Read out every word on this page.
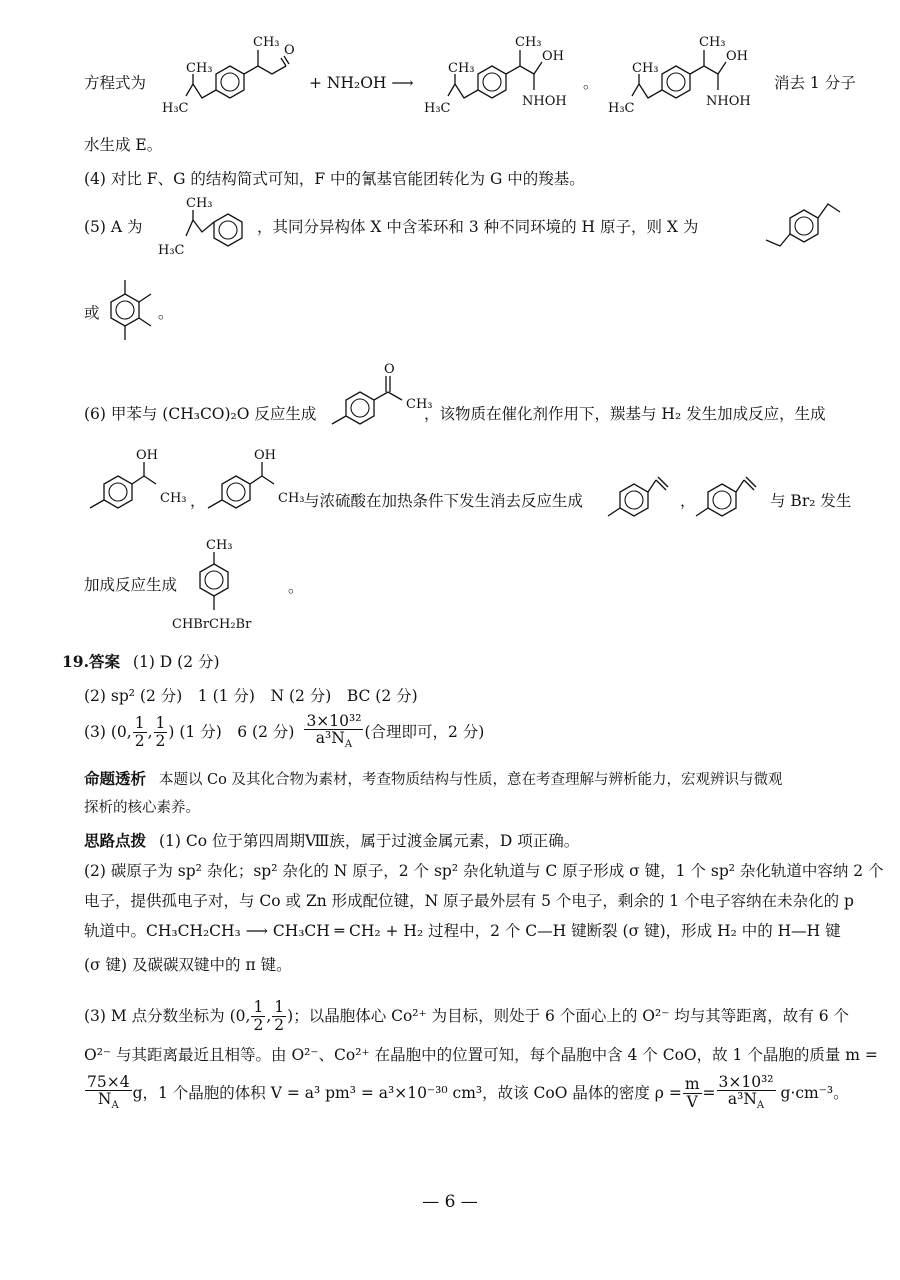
方程式为
CH₃
O
CH₃
H₃C
+ NH₂OH ⟶
CH₃
OH
NHOH
CH₃
H₃C
。
CH₃
OH
NHOH
CH₃
H₃C
消去 1 分子
水生成 E。
(4) 对比 F、G 的结构简式可知，F 中的氰基官能团转化为 G 中的羧基。
(5) A 为
CH₃
H₃C
，其同分异构体 X 中含苯环和 3 种不同环境的 H 原子，则 X 为
或	。
(6) 甲苯与 (CH₃CO)₂O 反应生成
O
CH₃
，该物质在催化剂作用下，羰基与 H₂ 发生加成反应，生成
OH
CH₃ ，
OH
CH₃ 与浓硫酸在加热条件下发生消去反应生成	，	与 Br₂ 发生
加成反应生成
CH₃
CHBrCH₂Br
。
19.答案 (1) D (2 分)
(2) sp² (2 分)　1 (1 分)　N (2 分)　BC (2 分)
(3) (0, $\frac{1}{2}$ , $\frac{1}{2}$ ) (1 分)　6 (2 分) $\frac{\text{3×10³²}}{a^3N_A}$ (合理即可，2 分)
命题透析 本题以 Co 及其化合物为素材，考查物质结构与性质，意在考查理解与辨析能力，宏观辨识与微观
探析的核心素养。
思路点拨 (1) Co 位于第四周期Ⅷ族，属于过渡金属元素，D 项正确。
(2) 碳原子为 sp² 杂化；sp² 杂化的 N 原子，2 个 sp² 杂化轨道与 C 原子形成 σ 键，1 个 sp² 杂化轨道中容纳 2 个
电子，提供孤电子对，与 Co 或 Zn 形成配位键，N 原子最外层有 5 个电子，剩余的 1 个电子容纳在未杂化的 p
轨道中。CH₃CH₂CH₃ ⟶ CH₃CH ═ CH₂ + H₂ 过程中，2 个 C—H 键断裂 (σ 键)，形成 H₂ 中的 H—H 键
(σ 键) 及碳碳双键中的 π 键。
(3) M 点分数坐标为 (0, $\frac{1}{2}$ , $\frac{1}{2}$ )；以晶胞体心 Co²⁺ 为目标，则处于 6 个面心上的 O²⁻ 均与其等距离，故有 6 个
O²⁻ 与其距离最近且相等。由 O²⁻、Co²⁺ 在晶胞中的位置可知，每个晶胞中含 4 个 CoO，故 1 个晶胞的质量 m =
$\frac{75\times 4}{N_A}$ g，1 个晶胞的体积 V = a³ pm³ = a³×10⁻³⁰ cm³，故该 CoO 晶体的密度 $\rho = \frac{m}{V} = \frac{\text{3×10³²}}{a^3N_A} g\cdot cm^{-3}$。
— 6 —
